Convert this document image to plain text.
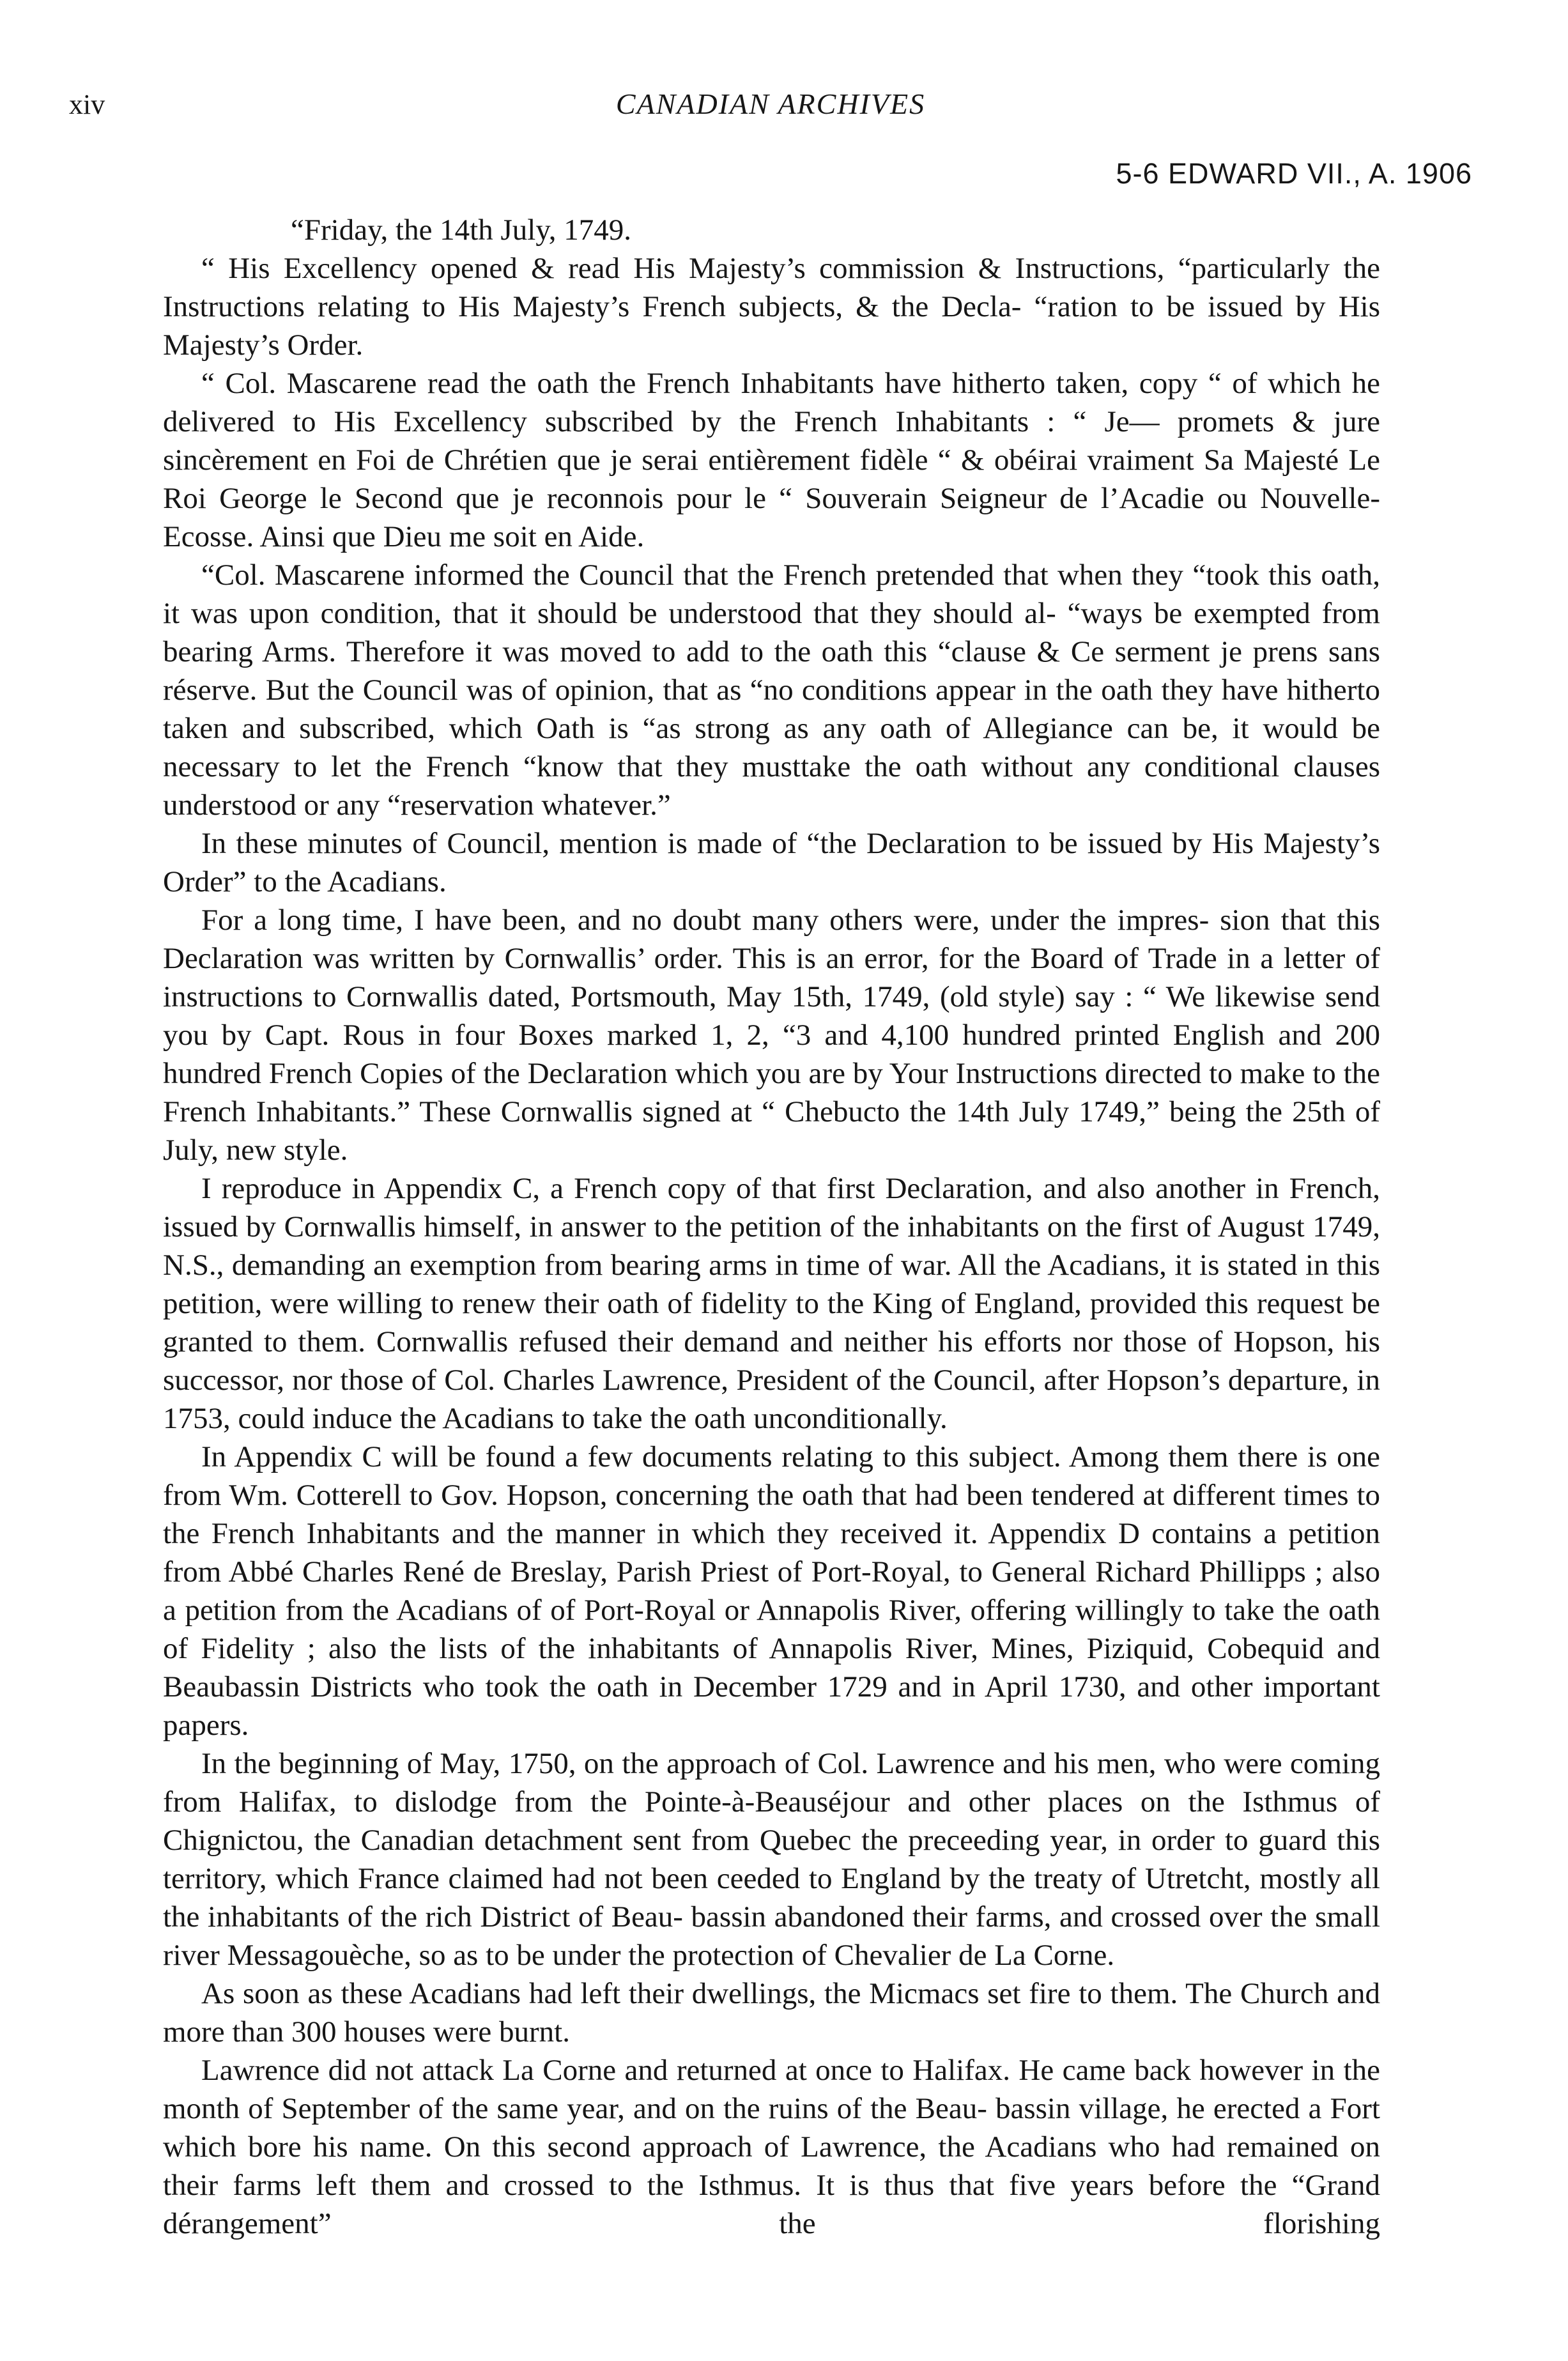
xiv	CANADIAN ARCHIVES
5-6 EDWARD VII., A. 1906

“Friday, the 14th July, 1749.

“ His Excellency opened & read His Majesty’s commission & Instructions, “particularly the Instructions relating to His Majesty’s French subjects, & the Decla- “ration to be issued by His Majesty’s Order.

“ Col. Mascarene read the oath the French Inhabitants have hitherto taken, copy “ of which he delivered to His Excellency subscribed by the French Inhabitants : “ Je— promets & jure sincèrement en Foi de Chrétien que je serai entièrement fidèle “ & obéirai vraiment Sa Majesté Le Roi George le Second que je reconnois pour le “ Souverain Seigneur de l’Acadie ou Nouvelle-Ecosse. Ainsi que Dieu me soit en Aide.

“Col. Mascarene informed the Council that the French pretended that when they “took this oath, it was upon condition, that it should be understood that they should al- “ways be exempted from bearing Arms. Therefore it was moved to add to the oath this “clause & Ce serment je prens sans réserve. But the Council was of opinion, that as “no conditions appear in the oath they have hitherto taken and subscribed, which Oath is “as strong as any oath of Allegiance can be, it would be necessary to let the French “know that they musttake the oath without any conditional clauses understood or any “reservation whatever.”

In these minutes of Council, mention is made of “the Declaration to be issued by His Majesty’s Order” to the Acadians.

For a long time, I have been, and no doubt many others were, under the impres- sion that this Declaration was written by Cornwallis’ order. This is an error, for the Board of Trade in a letter of instructions to Cornwallis dated, Portsmouth, May 15th, 1749, (old style) say : “ We likewise send you by Capt. Rous in four Boxes marked 1, 2, “3 and 4,100 hundred printed English and 200 hundred French Copies of the Declaration which you are by Your Instructions directed to make to the French Inhabitants.” These Cornwallis signed at “ Chebucto the 14th July 1749,” being the 25th of July, new style.

I reproduce in Appendix C, a French copy of that first Declaration, and also another in French, issued by Cornwallis himself, in answer to the petition of the inhabitants on the first of August 1749, N.S., demanding an exemption from bearing arms in time of war. All the Acadians, it is stated in this petition, were willing to renew their oath of fidelity to the King of England, provided this request be granted to them. Cornwallis refused their demand and neither his efforts nor those of Hopson, his successor, nor those of Col. Charles Lawrence, President of the Council, after Hopson’s departure, in 1753, could induce the Acadians to take the oath unconditionally.

In Appendix C will be found a few documents relating to this subject. Among them there is one from Wm. Cotterell to Gov. Hopson, concerning the oath that had been tendered at different times to the French Inhabitants and the manner in which they received it. Appendix D contains a petition from Abbé Charles René de Breslay, Parish Priest of Port-Royal, to General Richard Phillipps ; also a petition from the Acadians of of Port-Royal or Annapolis River, offering willingly to take the oath of Fidelity ; also the lists of the inhabitants of Annapolis River, Mines, Piziquid, Cobequid and Beaubassin Districts who took the oath in December 1729 and in April 1730, and other important papers.

In the beginning of May, 1750, on the approach of Col. Lawrence and his men, who were coming from Halifax, to dislodge from the Pointe-à-Beauséjour and other places on the Isthmus of Chignictou, the Canadian detachment sent from Quebec the preceeding year, in order to guard this territory, which France claimed had not been ceeded to England by the treaty of Utretcht, mostly all the inhabitants of the rich District of Beau- bassin abandoned their farms, and crossed over the small river Messagouèche, so as to be under the protection of Chevalier de La Corne.

As soon as these Acadians had left their dwellings, the Micmacs set fire to them. The Church and more than 300 houses were burnt.

Lawrence did not attack La Corne and returned at once to Halifax. He came back however in the month of September of the same year, and on the ruins of the Beau- bassin village, he erected a Fort which bore his name. On this second approach of Lawrence, the Acadians who had remained on their farms left them and crossed to the Isthmus. It is thus that five years before the “Grand dérangement” the florishing
